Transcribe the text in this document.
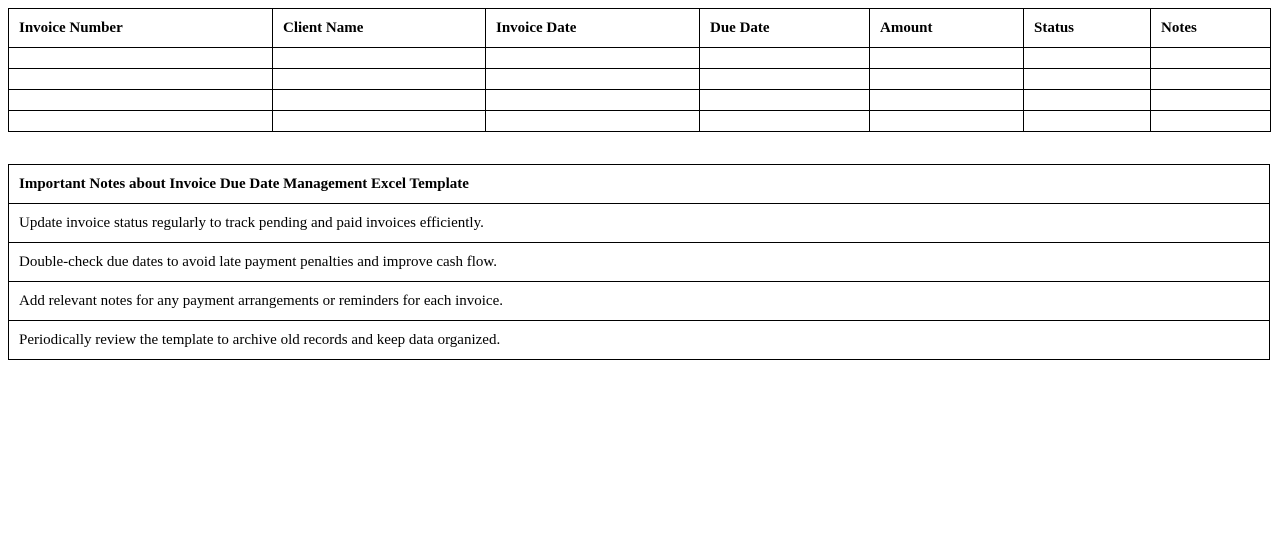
Invoice Number	Client Name	Invoice Date	Due Date	Amount	Status	Notes

Important Notes about Invoice Due Date Management Excel Template
Update invoice status regularly to track pending and paid invoices efficiently.
Double-check due dates to avoid late payment penalties and improve cash flow.
Add relevant notes for any payment arrangements or reminders for each invoice.
Periodically review the template to archive old records and keep data organized.
